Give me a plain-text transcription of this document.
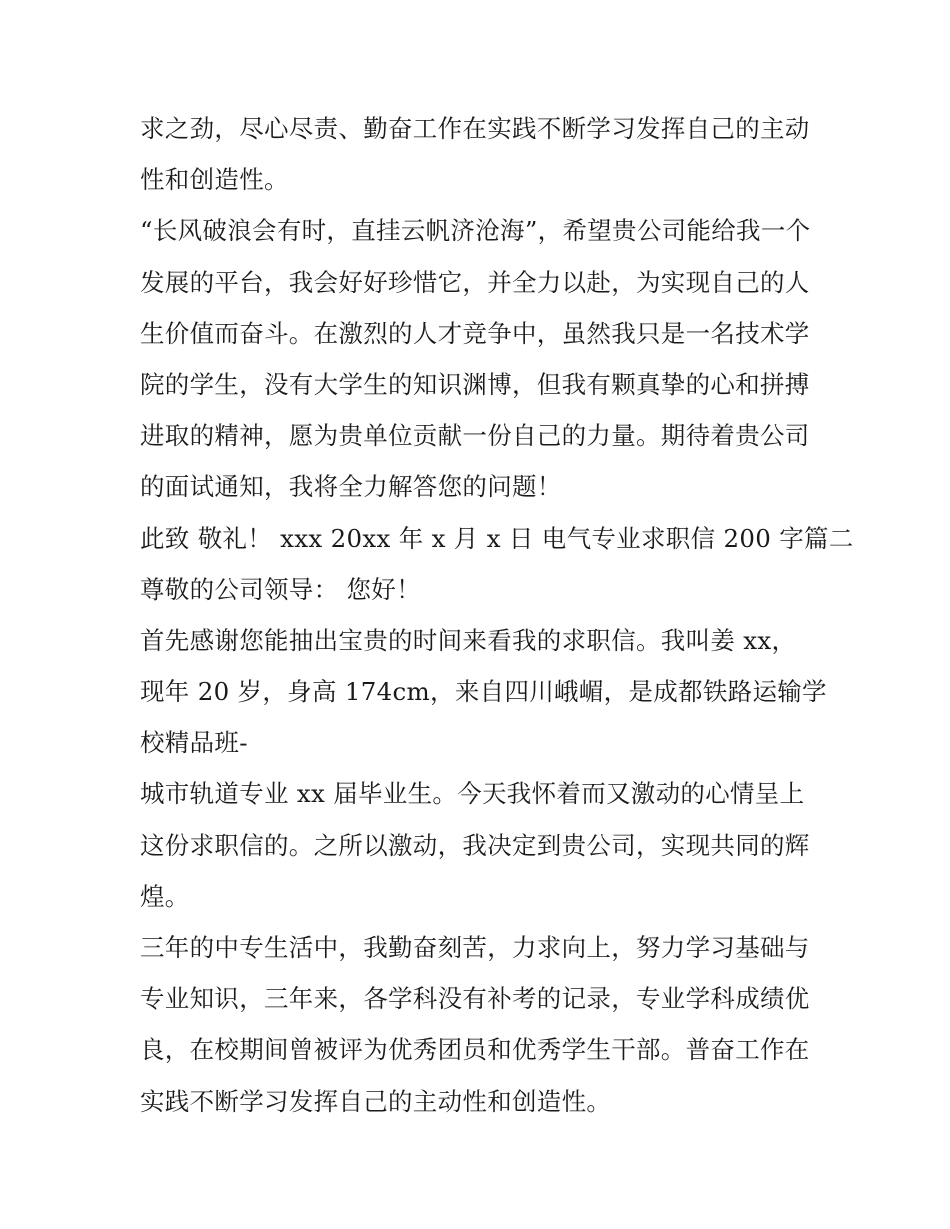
求之劲，尽心尽责、勤奋工作在实践不断学习发挥自己的主动
性和创造性。
“长风破浪会有时，直挂云帆济沧海”，希望贵公司能给我一个
发展的平台，我会好好珍惜它，并全力以赴，为实现自己的人
生价值而奋斗。在激烈的人才竞争中，虽然我只是一名技术学
院的学生，没有大学生的知识渊博，但我有颗真挚的心和拼搏
进取的精神，愿为贵单位贡献一份自己的力量。期待着贵公司
的面试通知，我将全力解答您的问题！
此致 敬礼！ xxx 20xx 年 x 月 x 日 电气专业求职信 200 字篇二
尊敬的公司领导： 您好！
首先感谢您能抽出宝贵的时间来看我的求职信。我叫姜 xx，
现年 20 岁，身高 174cm，来自四川峨嵋，是成都铁路运输学
校精品班-
城市轨道专业 xx 届毕业生。今天我怀着而又激动的心情呈上
这份求职信的。之所以激动，我决定到贵公司，实现共同的辉
煌。
三年的中专生活中，我勤奋刻苦，力求向上，努力学习基础与
专业知识，三年来，各学科没有补考的记录，专业学科成绩优
良，在校期间曾被评为优秀团员和优秀学生干部。普奋工作在
实践不断学习发挥自己的主动性和创造性。
